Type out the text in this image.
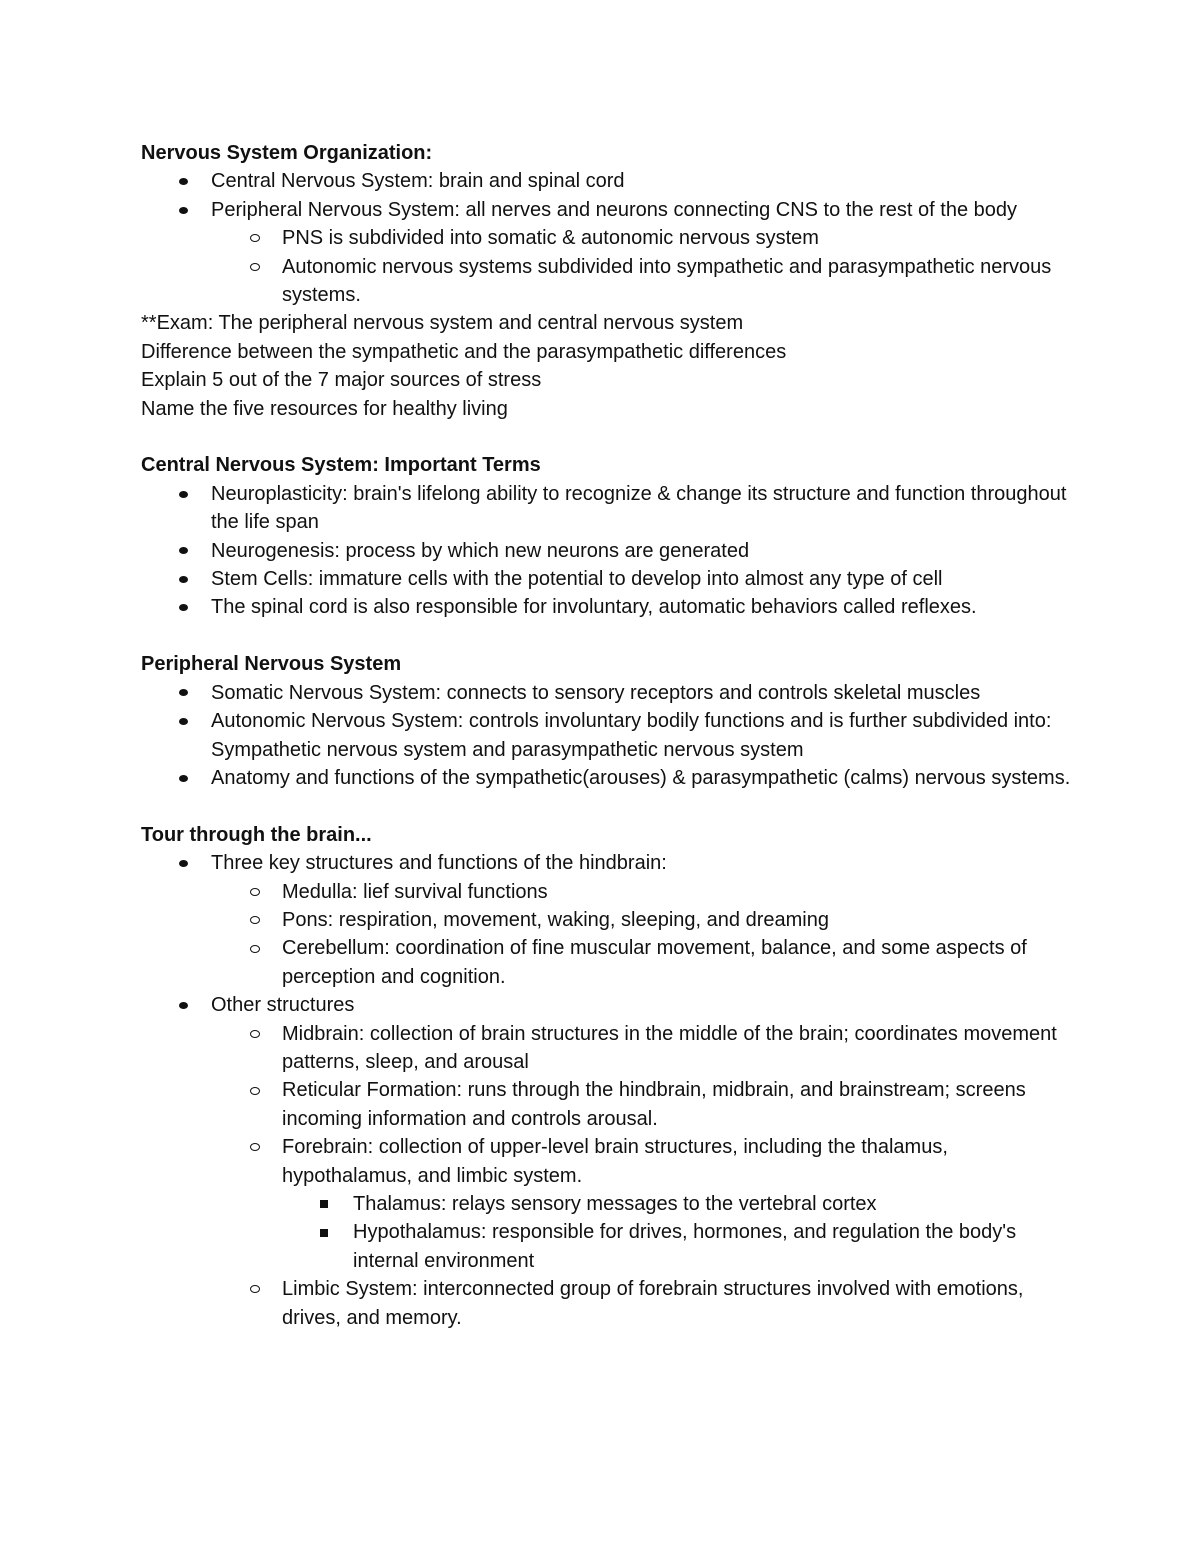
Nervous System Organization:

Central Nervous System: brain and spinal cord
Peripheral Nervous System: all nerves and neurons connecting CNS to the rest of the body
PNS is subdivided into somatic & autonomic nervous system
Autonomic nervous systems subdivided into sympathetic and parasympathetic nervous systems.

**Exam: The peripheral nervous system and central nervous system

Difference between the sympathetic and the parasympathetic differences

Explain 5 out of the 7 major sources of stress

Name the five resources for healthy living

Central Nervous System: Important Terms

Neuroplasticity: brain's lifelong ability to recognize & change its structure and function throughout the life span
Neurogenesis: process by which new neurons are generated
Stem Cells: immature cells with the potential to develop into almost any type of cell
The spinal cord is also responsible for involuntary, automatic behaviors called reflexes.

Peripheral Nervous System

Somatic Nervous System: connects to sensory receptors and controls skeletal muscles
Autonomic Nervous System: controls involuntary bodily functions and is further subdivided into: Sympathetic nervous system and parasympathetic nervous system
Anatomy and functions of the sympathetic(arouses) & parasympathetic (calms) nervous systems.

Tour through the brain...

Three key structures and functions of the hindbrain:
Medulla: lief survival functions
Pons: respiration, movement, waking, sleeping, and dreaming
Cerebellum: coordination of fine muscular movement, balance, and some aspects of perception and cognition.
Other structures
Midbrain: collection of brain structures in the middle of the brain; coordinates movement patterns, sleep, and arousal
Reticular Formation: runs through the hindbrain, midbrain, and brainstream; screens incoming information and controls arousal.
Forebrain: collection of upper-level brain structures, including the thalamus, hypothalamus, and limbic system.
Thalamus: relays sensory messages to the vertebral cortex
Hypothalamus: responsible for drives, hormones, and regulation the body's internal environment
Limbic System: interconnected group of forebrain structures involved with emotions, drives, and memory.
